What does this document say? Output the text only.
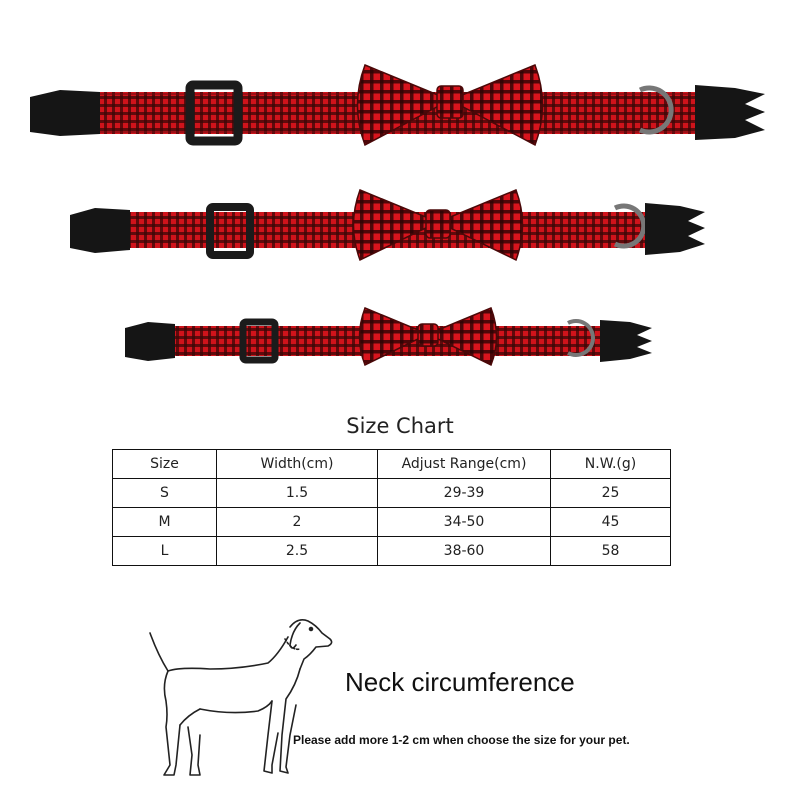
Size Chart
Size	Width(cm)	Adjust Range(cm)	N.W.(g)
S	1.5	29-39	25
M	2	34-50	45
L	2.5	38-60	58
Neck circumference
Please add more 1-2 cm when choose the size for your pet.
